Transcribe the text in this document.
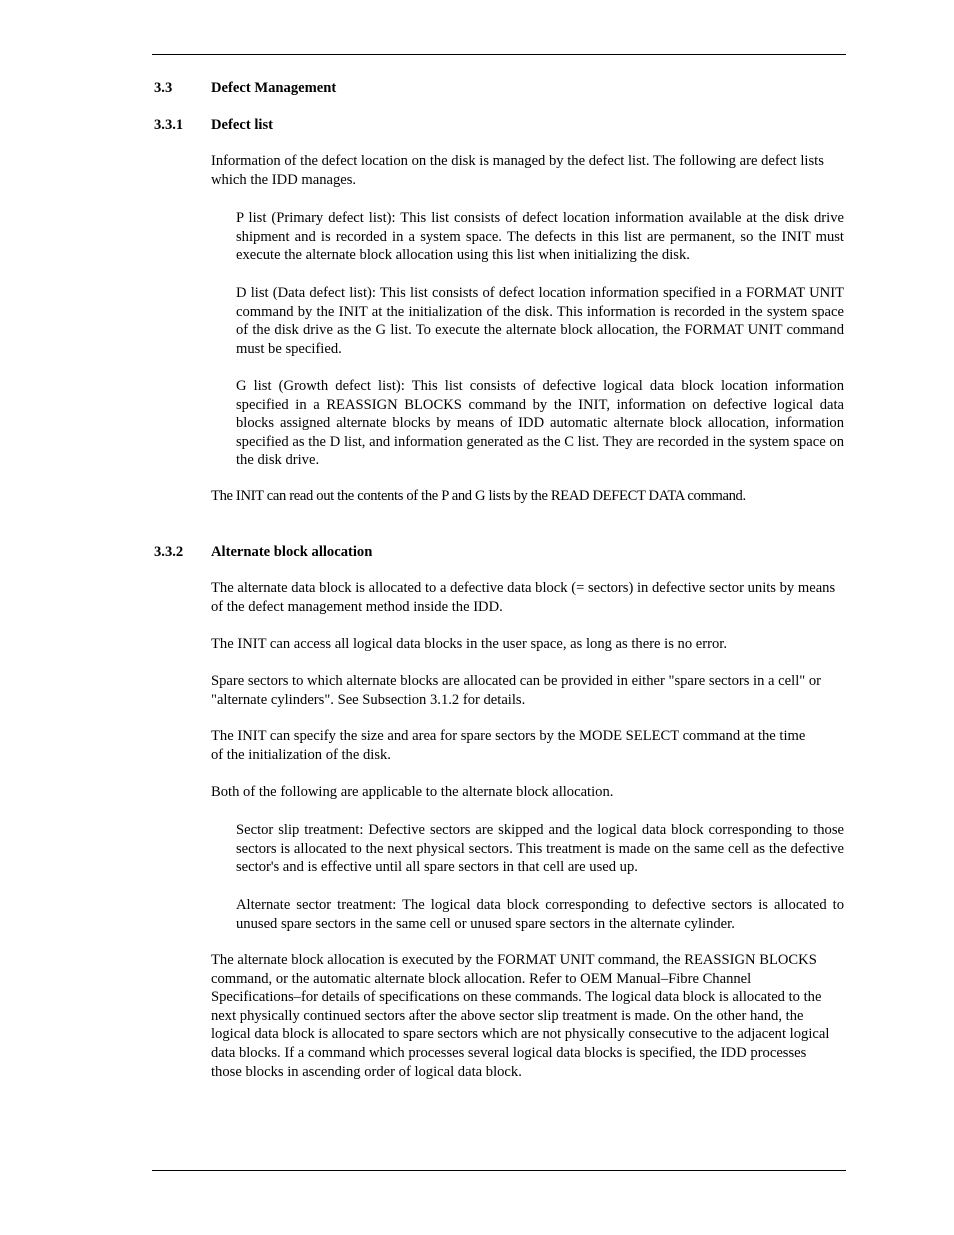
3.3	Defect Management
3.3.1 Defect list

Information of the defect location on the disk is managed by the defect list. The following are defect lists which the IDD manages.

P list (Primary defect list): This list consists of defect location information available at the disk drive shipment and is recorded in a system space. The defects in this list are permanent, so the INIT must execute the alternate block allocation using this list when initializing the disk.

D list (Data defect list): This list consists of defect location information specified in a FORMAT UNIT command by the INIT at the initialization of the disk. This information is recorded in the system space of the disk drive as the G list. To execute the alternate block allocation, the FORMAT UNIT command must be specified.

G list (Growth defect list): This list consists of defective logical data block location information specified in a REASSIGN BLOCKS command by the INIT, information on defective logical data blocks assigned alternate blocks by means of IDD automatic alternate block allocation, information specified as the D list, and information generated as the C list. They are recorded in the system space on the disk drive.

The INIT can read out the contents of the P and G lists by the READ DEFECT DATA command.

3.3.2 Alternate block allocation

The alternate data block is allocated to a defective data block (= sectors) in defective sector units by means of the defect management method inside the IDD.

The INIT can access all logical data blocks in the user space, as long as there is no error.

Spare sectors to which alternate blocks are allocated can be provided in either "spare sectors in a cell" or "alternate cylinders". See Subsection 3.1.2 for details.

The INIT can specify the size and area for spare sectors by the MODE SELECT command at the time of the initialization of the disk.

Both of the following are applicable to the alternate block allocation.

Sector slip treatment: Defective sectors are skipped and the logical data block corresponding to those sectors is allocated to the next physical sectors. This treatment is made on the same cell as the defective sector's and is effective until all spare sectors in that cell are used up.

Alternate sector treatment: The logical data block corresponding to defective sectors is allocated to unused spare sectors in the same cell or unused spare sectors in the alternate cylinder.

The alternate block allocation is executed by the FORMAT UNIT command, the REASSIGN BLOCKS command, or the automatic alternate block allocation. Refer to OEM Manual–Fibre Channel Specifications–for details of specifications on these commands. The logical data block is allocated to the next physically continued sectors after the above sector slip treatment is made. On the other hand, the logical data block is allocated to spare sectors which are not physically consecutive to the adjacent logical data blocks. If a command which processes several logical data blocks is specified, the IDD processes those blocks in ascending order of logical data block.
